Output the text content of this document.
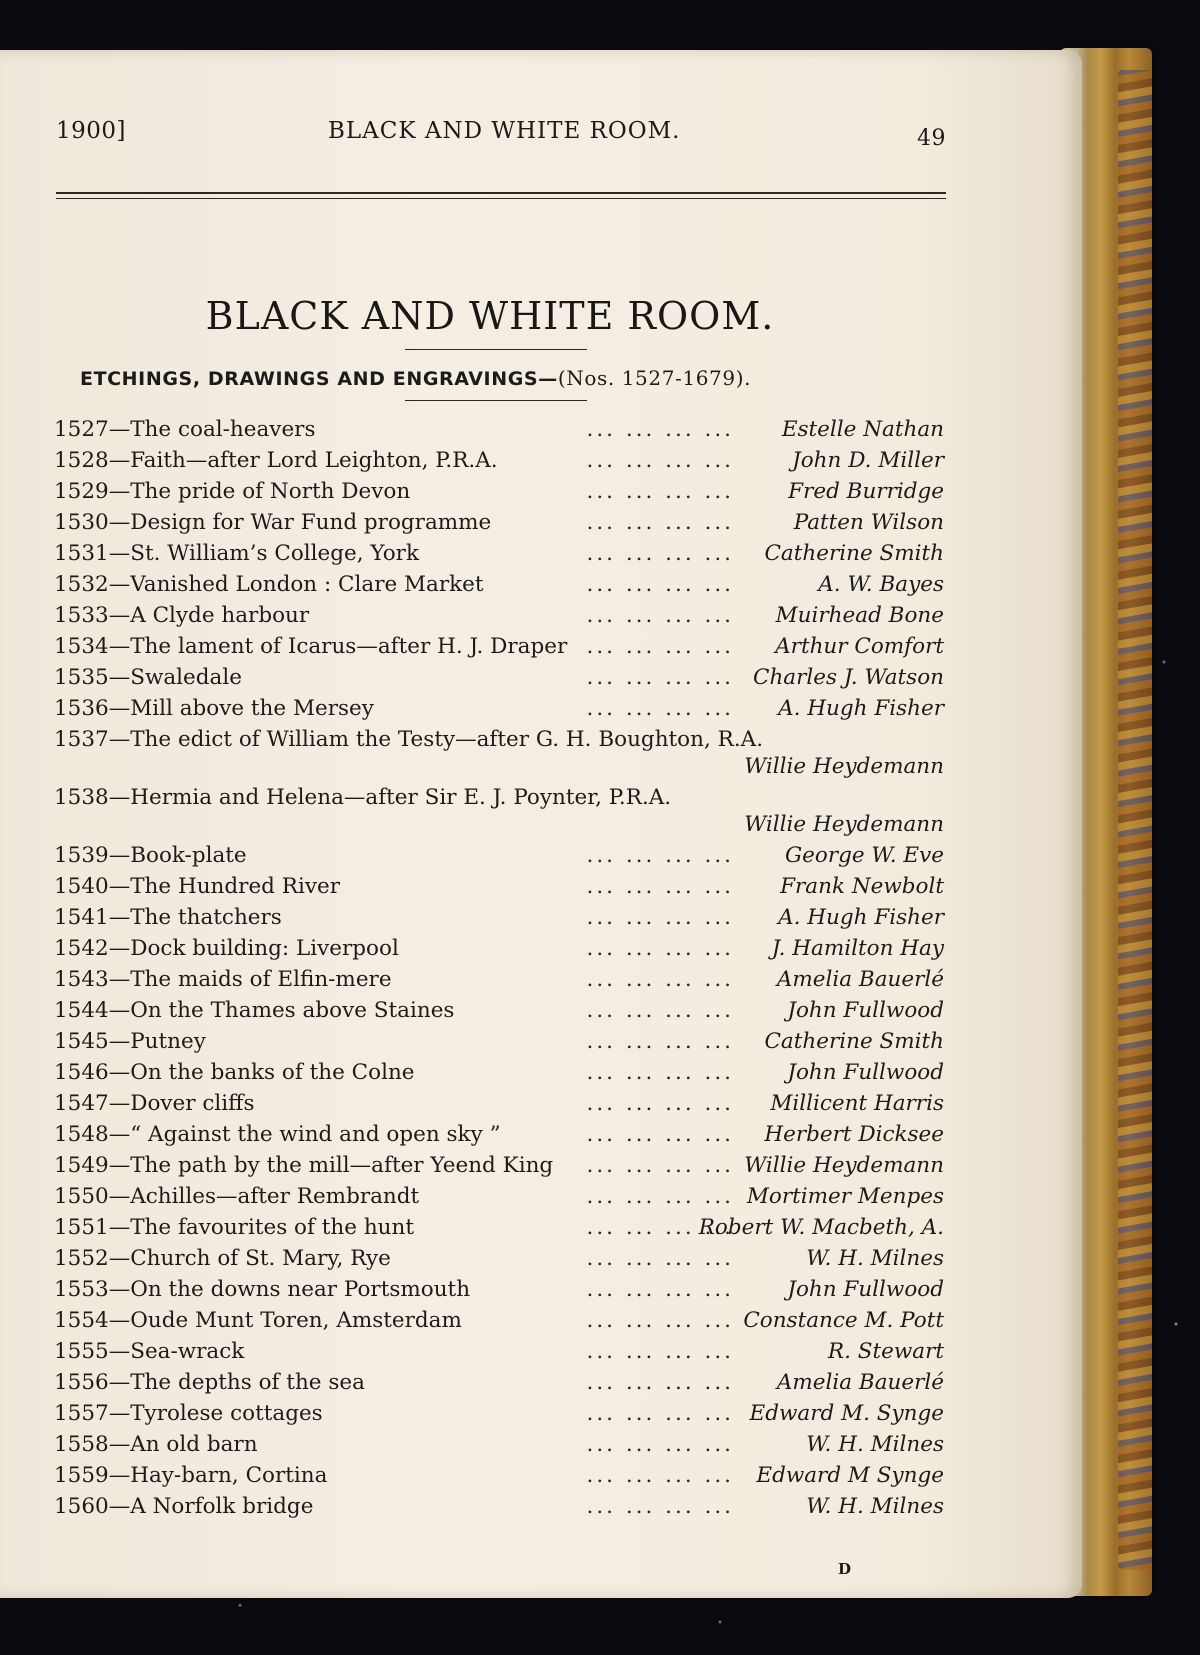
1900]	BLACK AND WHITE ROOM.	49
BLACK AND WHITE ROOM.
ETCHINGS, DRAWINGS AND ENGRAVINGS—(Nos. 1527-1679).
1527—The coal-heavers	... ... ... ... Estelle Nathan
1528—Faith—after Lord Leighton, P.R.A.	... ... ... ...	John D. Miller
1529—The pride of North Devon	... ... ... ...	Fred Burridge
1530—Design for War Fund programme	... ... ... ...	Patten Wilson
1531—St. William’s College, York	... ... ... ... Catherine Smith
1532—Vanished London : Clare Market	... ... ... ...	A. W. Bayes
1533—A Clyde harbour	... ... ... ... Muirhead Bone
1534—The lament of Icarus—after H. J. Draper ... ... ... ... Arthur Comfort
1535—Swaledale	... ... ... ... Charles J. Watson
1536—Mill above the Mersey	... ... ... ... A. Hugh Fisher
1537—The edict of William the Testy—after G. H. Boughton, R.A.
Willie Heydemann
1538—Hermia and Helena—after Sir E. J. Poynter, P.R.A.
Willie Heydemann
1539—Book-plate	... ... ... ... George W. Eve
1540—The Hundred River	... ... ... ... Frank Newbolt
1541—The thatchers	... ... ... ... A. Hugh Fisher
1542—Dock building: Liverpool	... ... ... ... J. Hamilton Hay
1543—The maids of Elfin-mere	... ... ... ... Amelia Bauerlé
1544—On the Thames above Staines	... ... ... ... John Fullwood
1545—Putney	... ... ... ... Catherine Smith
1546—On the banks of the Colne	... ... ... ... John Fullwood
1547—Dover cliffs	... ... ... ... Millicent Harris
1548—“ Against the wind and open sky ”	... ... ... ... Herbert Dicksee
1549—The path by the mill—after Yeend King	... ... ... ... Willie Heydemann
1550—Achilles—after Rembrandt	... ... ... ... Mortimer Menpes
1551—The favourites of the hunt	... ... ... ...
Robert W. Macbeth, A.
1552—Church of St. Mary, Rye	... ... ... ...	W. H. Milnes
1553—On the downs near Portsmouth	... ... ... ... John Fullwood
1554—Oude Munt Toren, Amsterdam	... ... ... ... Constance M. Pott
1555—Sea-wrack	... ... ... ...	R. Stewart
1556—The depths of the sea	... ... ... ... Amelia Bauerlé
1557—Tyrolese cottages	... ... ... ... Edward M. Synge
1558—An old barn	... ... ... ...	W. H. Milnes
1559—Hay-barn, Cortina	... ... ... ... Edward M Synge
1560—A Norfolk bridge	... ... ... ...	W. H. Milnes
D
